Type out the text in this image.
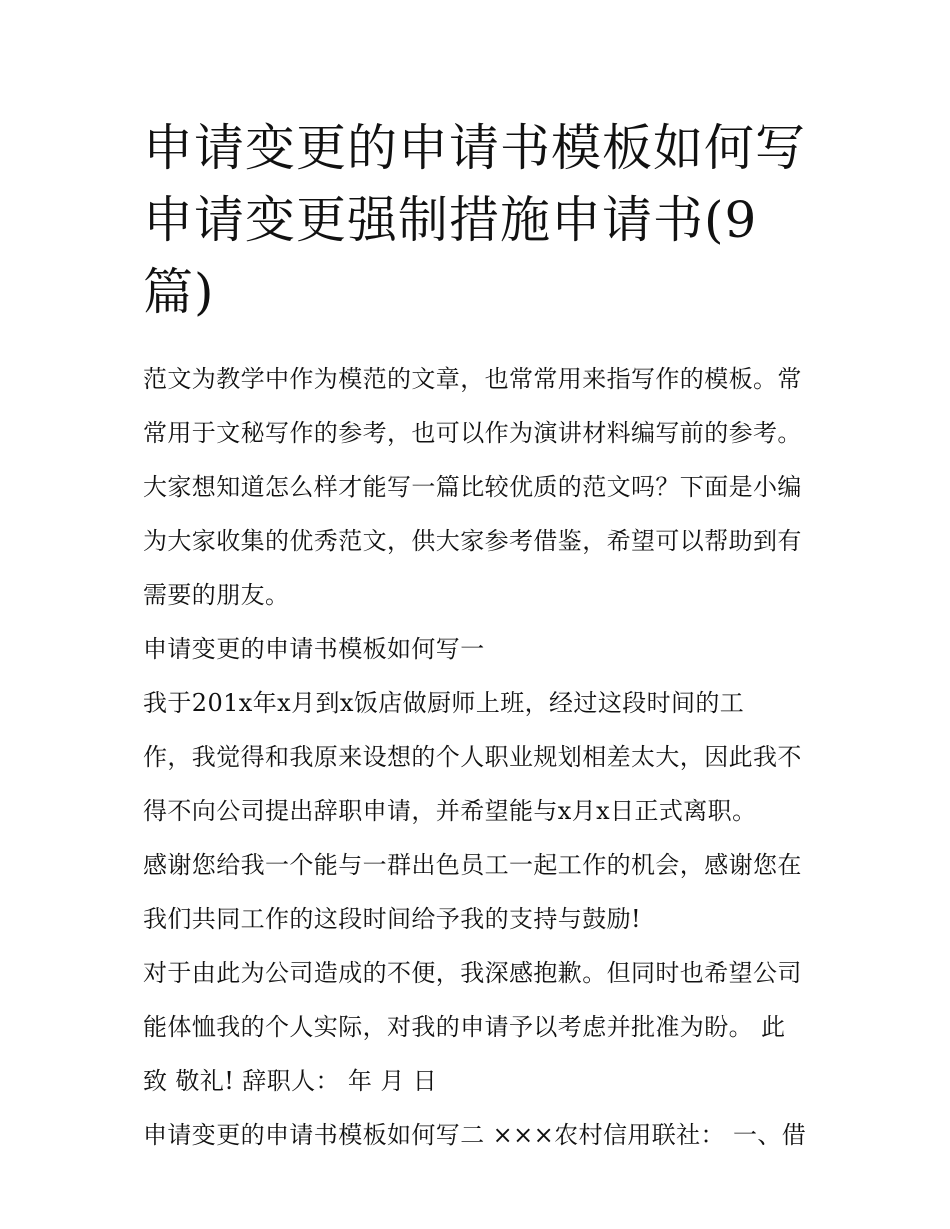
申请变更的申请书模板如何写
申请变更强制措施申请书(9
篇)
范文为教学中作为模范的文章，也常常用来指写作的模板。常
常用于文秘写作的参考，也可以作为演讲材料编写前的参考。
大家想知道怎么样才能写一篇比较优质的范文吗？下面是小编
为大家收集的优秀范文，供大家参考借鉴，希望可以帮助到有
需要的朋友。
申请变更的申请书模板如何写一
我于201x年x月到x饭店做厨师上班，经过这段时间的工
作，我觉得和我原来设想的个人职业规划相差太大，因此我不
得不向公司提出辞职申请，并希望能与x月x日正式离职。
感谢您给我一个能与一群出色员工一起工作的机会，感谢您在
我们共同工作的这段时间给予我的支持与鼓励!
对于由此为公司造成的不便，我深感抱歉。但同时也希望公司
能体恤我的个人实际，对我的申请予以考虑并批准为盼。 此
致 敬礼! 辞职人： 年 月 日
申请变更的申请书模板如何写二 ×××农村信用联社： 一、借
